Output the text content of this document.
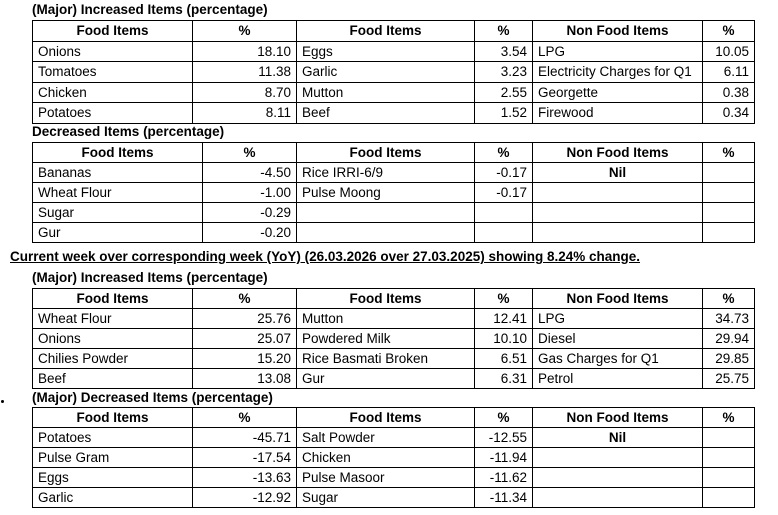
(Major) Increased Items (percentage)
Food Items	%	Food Items	%	Non Food Items	%
Onions	18.10	Eggs	3.54	LPG	10.05
Tomatoes	11.38	Garlic	3.23	Electricity Charges for Q1	6.11
Chicken	8.70	Mutton	2.55	Georgette	0.38
Potatoes	8.11	Beef	1.52	Firewood	0.34
Decreased Items (percentage)
Food Items	%	Food Items	%	Non Food Items	%
Bananas	-4.50	Rice IRRI-6/9	-0.17	Nil	
Wheat Flour	-1.00	Pulse Moong	-0.17		
Sugar	-0.29				
Gur	-0.20				
Current week over corresponding week (YoY) (26.03.2026 over 27.03.2025) showing 8.24% change.
(Major) Increased Items (percentage)
Food Items	%	Food Items	%	Non Food Items	%
Wheat Flour	25.76	Mutton	12.41	LPG	34.73
Onions	25.07	Powdered Milk	10.10	Diesel	29.94
Chilies Powder	15.20	Rice Basmati Broken	6.51	Gas Charges for Q1	29.85
Beef	13.08	Gur	6.31	Petrol	25.75
(Major) Decreased Items (percentage)
Food Items	%	Food Items	%	Non Food Items	%
Potatoes	-45.71	Salt Powder	-12.55	Nil	
Pulse Gram	-17.54	Chicken	-11.94		
Eggs	-13.63	Pulse Masoor	-11.62		
Garlic	-12.92	Sugar	-11.34		
